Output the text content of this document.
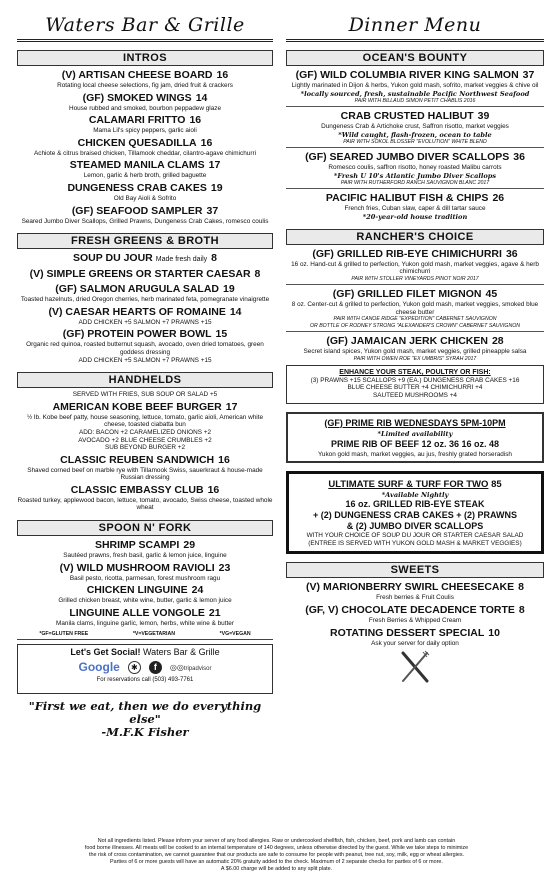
Waters Bar & Grille
INTROS
(V) ARTISAN CHEESE BOARD 16
Rotating local cheese selections, fig jam, dried fruit & crackers
(GF) SMOKED WINGS 14
House rubbed and smoked, bourbon peppadew glaze
CALAMARI FRITTO 16
Mama Lil's spicy peppers, garlic aioli
CHICKEN QUESADILLA 16
Achiote & citrus braised chicken, Tillamook cheddar, cilantro-agave chimichurri
STEAMED MANILA CLAMS 17
Lemon, garlic & herb broth, grilled baguette
DUNGENESS CRAB CAKES 19
Old Bay Aioli & Sofrito
(GF) SEAFOOD SAMPLER 37
Seared Jumbo Diver Scallops, Grilled Prawns, Dungeness Crab Cakes, romesco coulis
FRESH GREENS & BROTH
SOUP DU JOUR Made fresh daily 8
(V) SIMPLE GREENS OR STARTER CAESAR 8
(GF) SALMON ARUGULA SALAD 19
Toasted hazelnuts, dried Oregon cherries, herb marinated feta, pomegranate vinaigrette
(V) CAESAR HEARTS OF ROMAINE 14
ADD CHICKEN +5 SALMON +7 PRAWNS +15
(GF) PROTEIN POWER BOWL 15
Organic red quinoa, roasted butternut squash, avocado, oven dried tomatoes, green goddess dressing
ADD CHICKEN +5 SALMON +7 PRAWNS +15
HANDHELDS
SERVED WITH FRIES, SUB SOUP OR SALAD +5
AMERICAN KOBE BEEF BURGER 17
½ lb. Kobe beef patty, house seasoning, lettuce, tomato, garlic aioli, American white cheese, toasted ciabatta bun
ADD: BACON +2 CARAMELIZED ONIONS +2
AVOCADO +2 BLUE CHEESE CRUMBLES +2
SUB BEYOND BURGER +2
CLASSIC REUBEN SANDWICH 16
Shaved corned beef on marble rye with Tillamook Swiss, sauerkraut & house-made Russian dressing
CLASSIC EMBASSY CLUB 16
Roasted turkey, applewood bacon, lettuce, tomato, avocado, Swiss cheese, toasted whole wheat
SPOON N' FORK
SHRIMP SCAMPI 29
Sautéed prawns, fresh basil, garlic & lemon juice, linguine
(V) WILD MUSHROOM RAVIOLI 23
Basil pesto, ricotta, parmesan, forest mushroom ragu
CHICKEN LINGUINE 24
Grilled chicken breast, white wine, butter, garlic & lemon juice
LINGUINE ALLE VONGOLE 21
Manila clams, linguine garlic, lemon, herbs, white wine & butter
*GF=GLUTEN FREE	*V=VEGETARIAN	*VG=VEGAN
Let's Get Social! Waters Bar & Grille
Google	✱	f	◎◎tripadvisor
For reservations call (503) 493-7761
"First we eat, then we do everything else"
-M.F.K Fisher
Dinner Menu
OCEAN'S BOUNTY
(GF) WILD COLUMBIA RIVER KING SALMON 37
Lightly marinated in Dijon & herbs, Yukon gold mash, sofrito, market veggies & chive oil
*locally sourced, fresh, sustainable Pacific Northwest Seafood
PAIR WITH BILLAUD SIMON PETIT CHABLIS 2016
CRAB CRUSTED HALIBUT 39
Dungeness Crab & Artichoke crust, Saffron risotto, market veggies
*Wild caught, flash-frozen, ocean to table
PAIR WITH SOKOL BLOSSER "EVOLUTION" WHITE BLEND
(GF) SEARED JUMBO DIVER SCALLOPS 36
Romesco coulis, saffron risotto, honey roasted Malibu carrots
*Fresh U 10's Atlantic Jumbo Diver Scallops
PAIR WITH RUTHERFORD RANCH SAUVIGNON BLANC 2017
PACIFIC HALIBUT FISH & CHIPS 26
French fries, Cuban slaw, caper & dill tartar sauce
*20-year-old house tradition
RANCHER'S CHOICE
(GF) GRILLED RIB-EYE CHIMICHURRI 36
16 oz. Hand-cut & grilled to perfection, Yukon gold mash, market veggies, agave & herb chimichurri
PAIR WITH STOLLER VINEYARDS PINOT NOIR 2017
(GF) GRILLED FILET MIGNON 45
8 oz. Center-cut & grilled to perfection, Yukon gold mash, market veggies, smoked blue cheese butter
PAIR WITH CANOE RIDGE "EXPEDITION" CABERNET SAUVIGNON
OR BOTTLE OF RODNEY STRONG "ALEXANDER'S CROWN" CABERNET SAUVIGNON
(GF) JAMAICAN JERK CHICKEN 28
Secret island spices, Yukon gold mash, market veggies, grilled pineapple salsa
PAIR WITH OWEN ROE "EX UMBRIS" SYRAH 2017
ENHANCE YOUR STEAK, POULTRY OR FISH:
(3) PRAWNS +15 SCALLOPS +9 (EA.) DUNGENESS CRAB CAKES +16
BLUE CHEESE BUTTER +4 CHIMICHURRI +4
SAUTEED MUSHROOMS +4
(GF) PRIME RIB WEDNESDAYS 5PM-10PM
*Limited availability
PRIME RIB OF BEEF 12 oz. 36 16 oz. 48
Yukon gold mash, market veggies, au jus, freshly grated horseradish
ULTIMATE SURF & TURF FOR TWO 85
*Available Nightly
16 oz. GRILLED RIB-EYE STEAK
+ (2) DUNGENESS CRAB CAKES + (2) PRAWNS
& (2) JUMBO DIVER SCALLOPS
WITH YOUR CHOICE OF SOUP DU JOUR OR STARTER CAESAR SALAD
(ENTREE IS SERVED WITH YUKON GOLD MASH & MARKET VEGGIES)
SWEETS
(V) MARIONBERRY SWIRL CHEESECAKE 8
Fresh berries & Fruit Coulis
(GF, V) CHOCOLATE DECADENCE TORTE 8
Fresh Berries & Whipped Cream
ROTATING DESSERT SPECIAL 10
Ask your server for daily option
Not all ingredients listed. Please inform your server of any food allergies. Raw or undercooked shellfish, fish, chicken, beef, pork and lamb can contain
food borne illnesses. All meats will be cooked to an internal temperature of 140 degrees, unless otherwise directed by the guest. While we take steps to minimize
the risk of cross contamination, we cannot guarantee that our products are safe to consume for people with peanut, tree nut, soy, milk, egg or wheat allergies.
Parties of 6 or more guests will have an automatic 20% gratuity added to the check. Maximum of 2 separate checks for parties of 6 or more.
A $6.00 charge will be added to any split plate.
